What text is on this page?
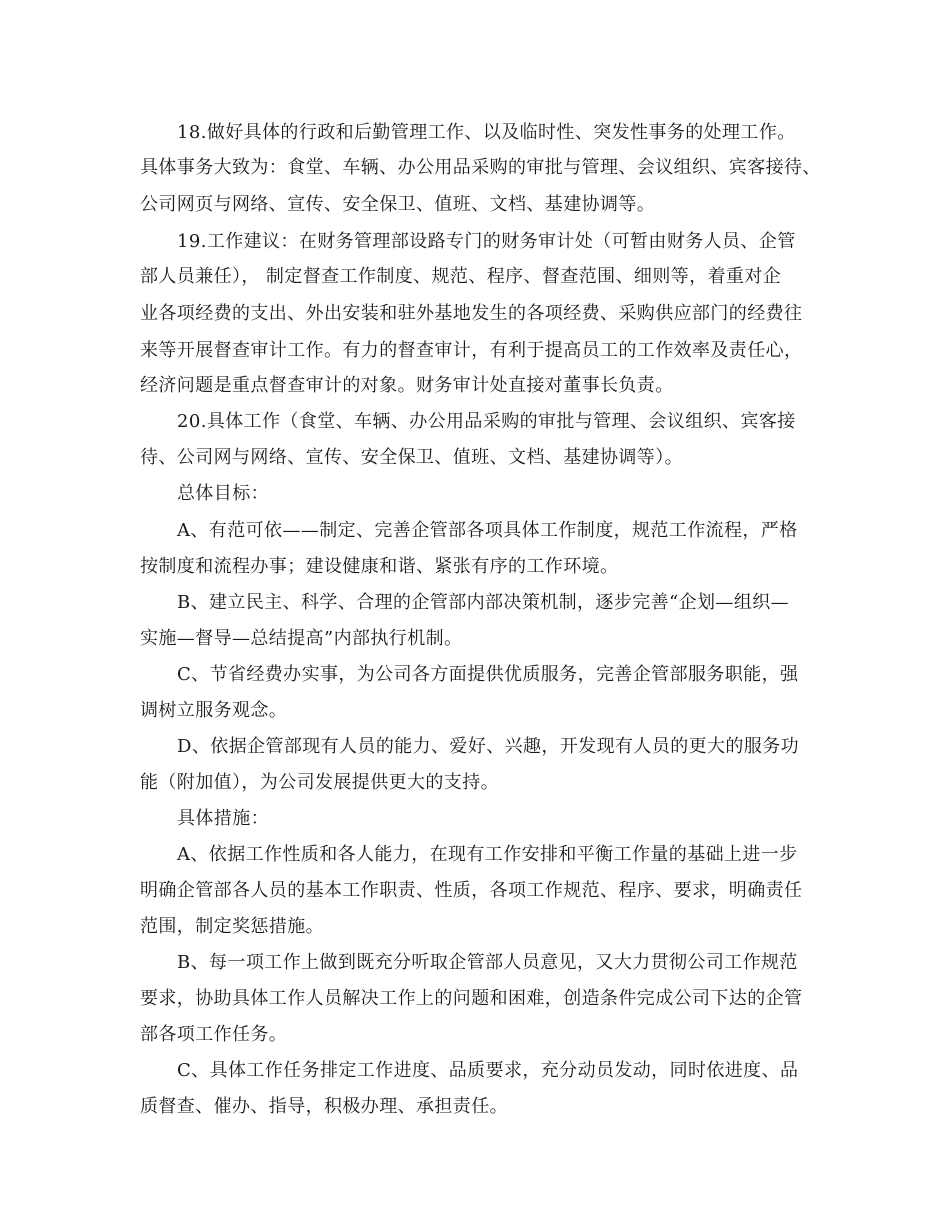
18.做好具体的行政和后勤管理工作、以及临时性、突发性事务的处理工作。
具体事务大致为：食堂、车辆、办公用品采购的审批与管理、会议组织、宾客接待、
公司网页与网络、宣传、安全保卫、值班、文档、基建协调等。
19.工作建议：在财务管理部设路专门的财务审计处（可暂由财务人员、企管
部人员兼任）， 制定督查工作制度、规范、程序、督查范围、细则等，着重对企
业各项经费的支出、外出安装和驻外基地发生的各项经费、采购供应部门的经费往
来等开展督查审计工作。有力的督查审计，有利于提高员工的工作效率及责任心，
经济问题是重点督查审计的对象。财务审计处直接对董事长负责。
20.具体工作（食堂、车辆、办公用品采购的审批与管理、会议组织、宾客接
待、公司网与网络、宣传、安全保卫、值班、文档、基建协调等）。
总体目标：
A、有范可依——制定、完善企管部各项具体工作制度，规范工作流程，严格
按制度和流程办事；建设健康和谐、紧张有序的工作环境。
B、建立民主、科学、合理的企管部内部决策机制，逐步完善“企划—组织—
实施—督导—总结提高”内部执行机制。
C、节省经费办实事，为公司各方面提供优质服务，完善企管部服务职能，强
调树立服务观念。
D、依据企管部现有人员的能力、爱好、兴趣，开发现有人员的更大的服务功
能（附加值），为公司发展提供更大的支持。
具体措施：
A、依据工作性质和各人能力，在现有工作安排和平衡工作量的基础上进一步
明确企管部各人员的基本工作职责、性质，各项工作规范、程序、要求，明确责任
范围，制定奖惩措施。
B、每一项工作上做到既充分听取企管部人员意见，又大力贯彻公司工作规范
要求，协助具体工作人员解决工作上的问题和困难，创造条件完成公司下达的企管
部各项工作任务。
C、具体工作任务排定工作进度、品质要求，充分动员发动，同时依进度、品
质督查、催办、指导，积极办理、承担责任。
